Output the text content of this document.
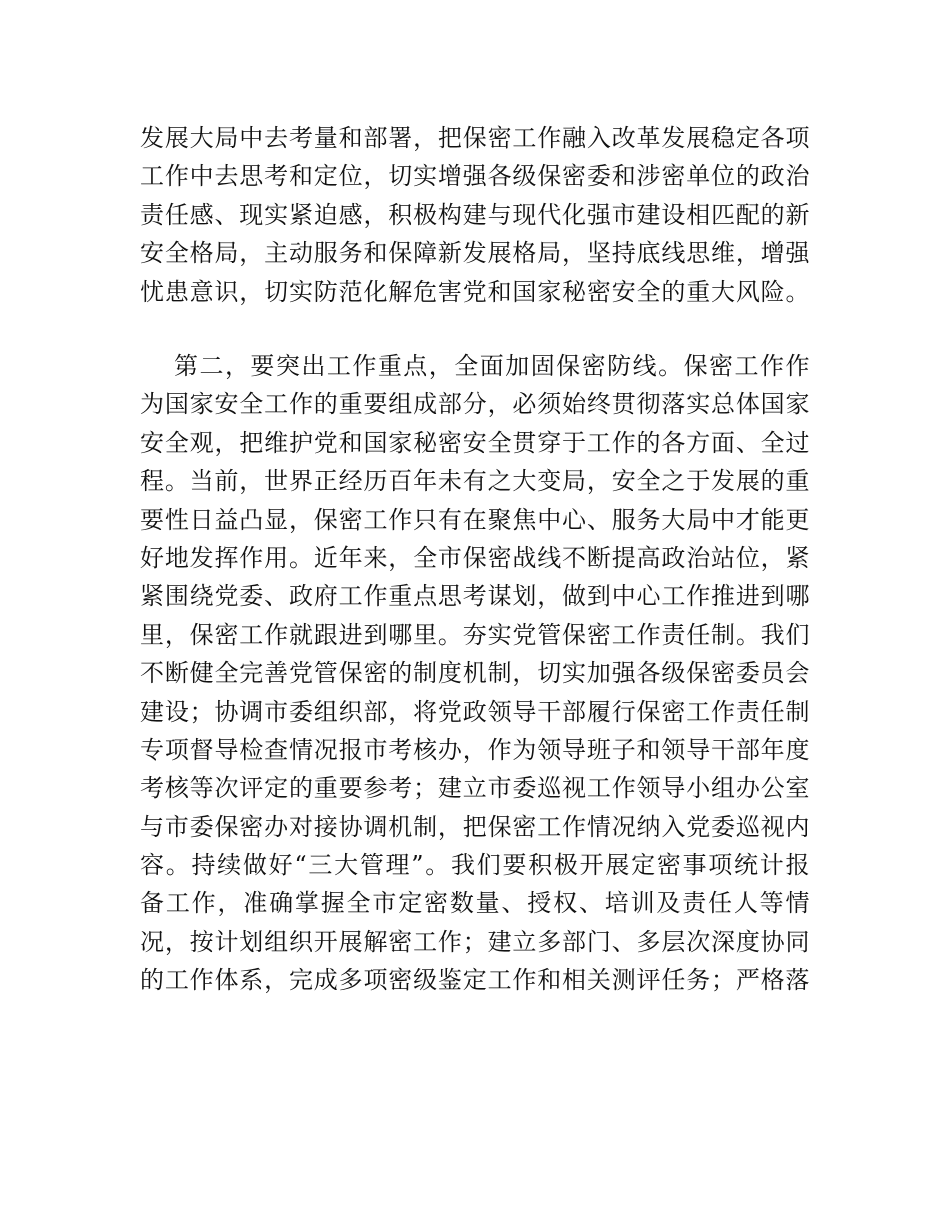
发展大局中去考量和部署，把保密工作融入改革发展稳定各项
工作中去思考和定位，切实增强各级保密委和涉密单位的政治
责任感、现实紧迫感，积极构建与现代化强市建设相匹配的新
安全格局，主动服务和保障新发展格局，坚持底线思维，增强
忧患意识，切实防范化解危害党和国家秘密安全的重大风险。
第二，要突出工作重点，全面加固保密防线。保密工作作
为国家安全工作的重要组成部分，必须始终贯彻落实总体国家
安全观，把维护党和国家秘密安全贯穿于工作的各方面、全过
程。当前，世界正经历百年未有之大变局，安全之于发展的重
要性日益凸显，保密工作只有在聚焦中心、服务大局中才能更
好地发挥作用。近年来，全市保密战线不断提高政治站位，紧
紧围绕党委、政府工作重点思考谋划，做到中心工作推进到哪
里，保密工作就跟进到哪里。夯实党管保密工作责任制。我们
不断健全完善党管保密的制度机制，切实加强各级保密委员会
建设；协调市委组织部，将党政领导干部履行保密工作责任制
专项督导检查情况报市考核办，作为领导班子和领导干部年度
考核等次评定的重要参考；建立市委巡视工作领导小组办公室
与市委保密办对接协调机制，把保密工作情况纳入党委巡视内
容。持续做好“三大管理”。我们要积极开展定密事项统计报
备工作，准确掌握全市定密数量、授权、培训及责任人等情
况，按计划组织开展解密工作；建立多部门、多层次深度协同
的工作体系，完成多项密级鉴定工作和相关测评任务；严格落
